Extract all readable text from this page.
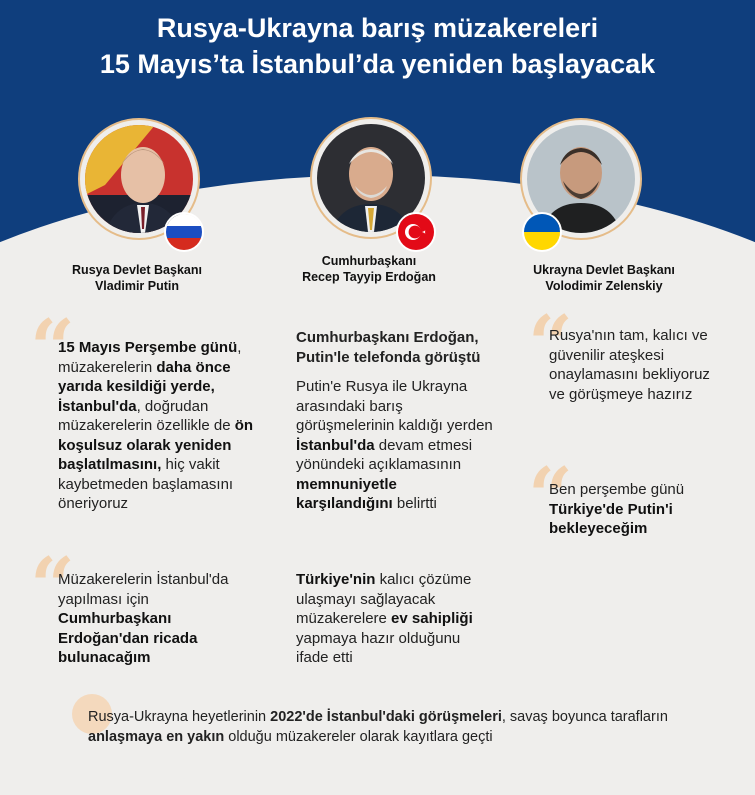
Rusya-Ukrayna barış müzakereleri
15 Mayıs’ta İstanbul’da yeniden başlayacak
Rusya Devlet Başkanı
Vladimir Putin
Cumhurbaşkanı
Recep Tayyip Erdoğan	Ukrayna Devlet Başkanı
Volodimir Zelenskiy
“
15 Mayıs Perşembe günü, müzakerelerin daha önce yarıda kesildiği yerde, İstanbul'da, doğrudan müzakerelerin özellikle de ön koşulsuz olarak yeniden başlatılmasını, hiç vakit kaybetmeden başlamasını öneriyoruz
“
Müzakerelerin İstanbul'da yapılması için Cumhurbaşkanı Erdoğan'dan ricada bulunacağım
Cumhurbaşkanı Erdoğan, Putin'le telefonda görüştü
Putin'e Rusya ile Ukrayna arasındaki barış görüşmelerinin kaldığı yerden İstanbul'da devam etmesi yönündeki açıklamasının memnuniyetle karşılandığını belirtti
Türkiye'nin kalıcı çözüme ulaşmayı sağlayacak müzakerelere ev sahipliği yapmaya hazır olduğunu ifade etti
“
Rusya'nın tam, kalıcı ve güvenilir ateşkesi onaylamasını bekliyoruz ve görüşmeye hazırız
“
Ben perşembe günü Türkiye'de Putin'i bekleyeceğim
Rusya-Ukrayna heyetlerinin 2022'de İstanbul'daki görüşmeleri, savaş boyunca tarafların anlaşmaya en yakın olduğu müzakereler olarak kayıtlara geçti
